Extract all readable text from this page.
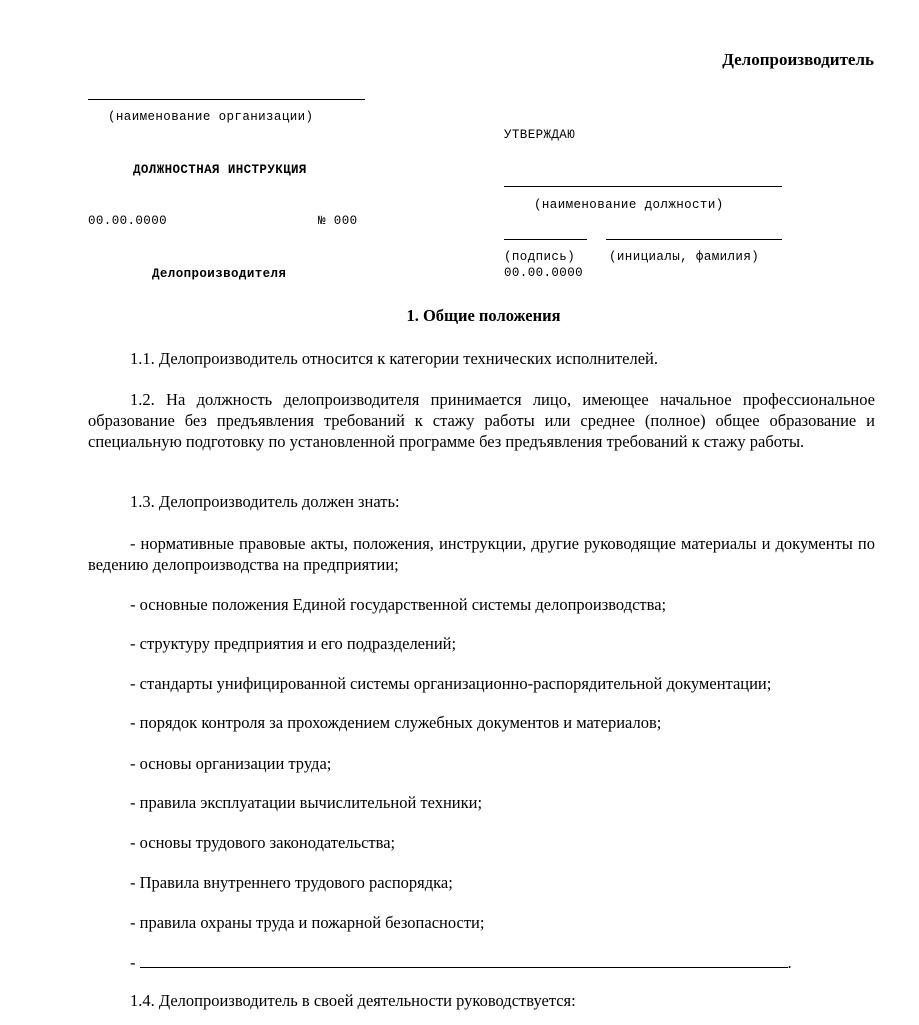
Делопроизводитель
(наименование организации)
ДОЛЖНОСТНАЯ ИНСТРУКЦИЯ
00.00.0000	№ 000
Делопроизводителя
УТВЕРЖДАЮ
(наименование должности)
(подпись)	(инициалы, фамилия)
00.00.0000
1. Общие положения
1.1. Делопроизводитель относится к категории технических исполнителей.
1.2. На должность делопроизводителя принимается лицо, имеющее начальное профессиональное образование без предъявления требований к стажу работы или среднее (полное) общее образование и специальную подготовку по установленной программе без предъявления требований к стажу работы.
1.3. Делопроизводитель должен знать:
- нормативные правовые акты, положения, инструкции, другие руководящие материалы и документы по ведению делопроизводства на предприятии;
- основные положения Единой государственной системы делопроизводства;
- структуру предприятия и его подразделений;
- стандарты унифицированной системы организационно-распорядительной документации;
- порядок контроля за прохождением служебных документов и материалов;
- основы организации труда;
- правила эксплуатации вычислительной техники;
- основы трудового законодательства;
- Правила внутреннего трудового распорядка;
- правила охраны труда и пожарной безопасности;
-	.
1.4. Делопроизводитель в своей деятельности руководствуется:
